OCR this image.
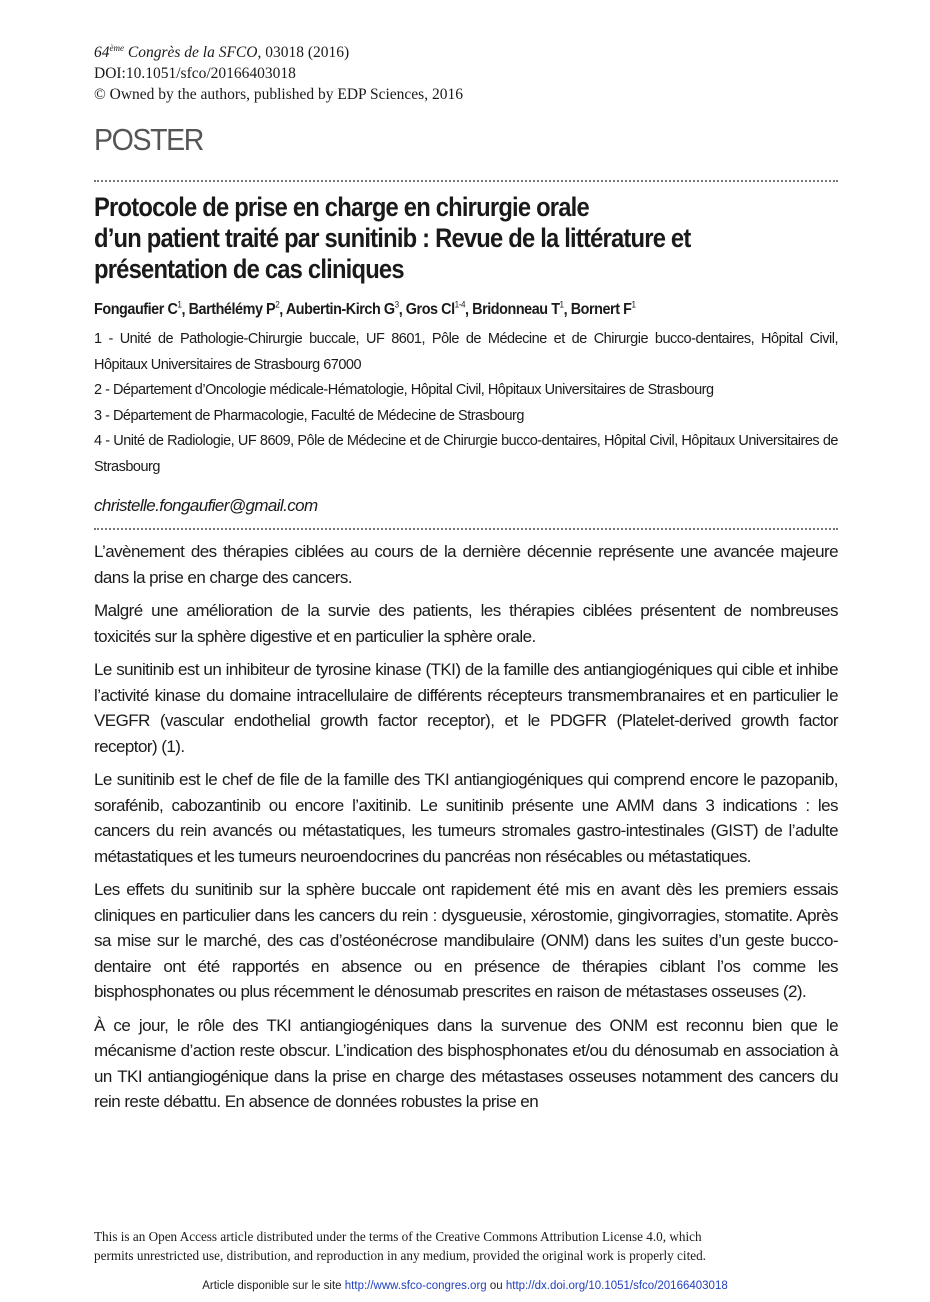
64ème Congrès de la SFCO, 03018 (2016)
DOI:10.1051/sfco/20166403018
© Owned by the authors, published by EDP Sciences, 2016
POSTER
Protocole de prise en charge en chirurgie orale
d’un patient traité par sunitinib : Revue de la littérature et
présentation de cas cliniques
Fongaufier $C^1$, Barthélémy $P^2$, Aubertin-Kirch $G^3$, Gros Cl$^{1-4}$, Bridonneau $T^1$, Bornert $F^1$

1 - Unité de Pathologie-Chirurgie buccale, UF 8601, Pôle de Médecine et de Chirurgie bucco-dentaires, Hôpital Civil, Hôpitaux Universitaires de Strasbourg 67000

2 - Département d’Oncologie médicale-Hématologie, Hôpital Civil, Hôpitaux Universitaires de Strasbourg

3 - Département de Pharmacologie, Faculté de Médecine de Strasbourg

4 - Unité de Radiologie, UF 8609, Pôle de Médecine et de Chirurgie bucco-dentaires, Hôpital Civil, Hôpitaux Universitaires de Strasbourg

christelle.fongaufier@gmail.com

L’avènement des thérapies ciblées au cours de la dernière décennie représente une avancée majeure dans la prise en charge des cancers.

Malgré une amélioration de la survie des patients, les thérapies ciblées présentent de nombreuses toxicités sur la sphère digestive et en particulier la sphère orale.

Le sunitinib est un inhibiteur de tyrosine kinase (TKI) de la famille des antiangiogéniques qui cible et inhibe l’activité kinase du domaine intracellulaire de différents récepteurs transmembranaires et en particulier le VEGFR (vascular endothelial growth factor receptor), et le PDGFR (Platelet-derived growth factor receptor) (1).

Le sunitinib est le chef de file de la famille des TKI antiangiogéniques qui comprend encore le pazopanib, sorafénib, cabozantinib ou encore l’axitinib. Le sunitinib présente une AMM dans 3 indications : les cancers du rein avancés ou métastatiques, les tumeurs stromales gastro-intestinales (GIST) de l’adulte métastatiques et les tumeurs neuroendocrines du pancréas non résécables ou métastatiques.

Les effets du sunitinib sur la sphère buccale ont rapidement été mis en avant dès les premiers essais cliniques en particulier dans les cancers du rein : dysgueusie, xérostomie, gingivorragies, stomatite. Après sa mise sur le marché, des cas d’ostéonécrose mandibulaire (ONM) dans les suites d’un geste bucco-dentaire ont été rapportés en absence ou en présence de thérapies ciblant l’os comme les bisphosphonates ou plus récemment le dénosumab prescrites en raison de métastases osseuses (2).

À ce jour, le rôle des TKI antiangiogéniques dans la survenue des ONM est reconnu bien que le mécanisme d’action reste obscur. L’indication des bisphosphonates et/ou du dénosumab en association à un TKI antiangiogénique dans la prise en charge des métastases osseuses notamment des cancers du rein reste débattu. En absence de données robustes la prise en

This is an Open Access article distributed under the terms of the Creative Commons Attribution License 4.0, which
permits unrestricted use, distribution, and reproduction in any medium, provided the original work is properly cited.
Article disponible sur le site http://www.sfco-congres.org ou http://dx.doi.org/10.1051/sfco/20166403018
